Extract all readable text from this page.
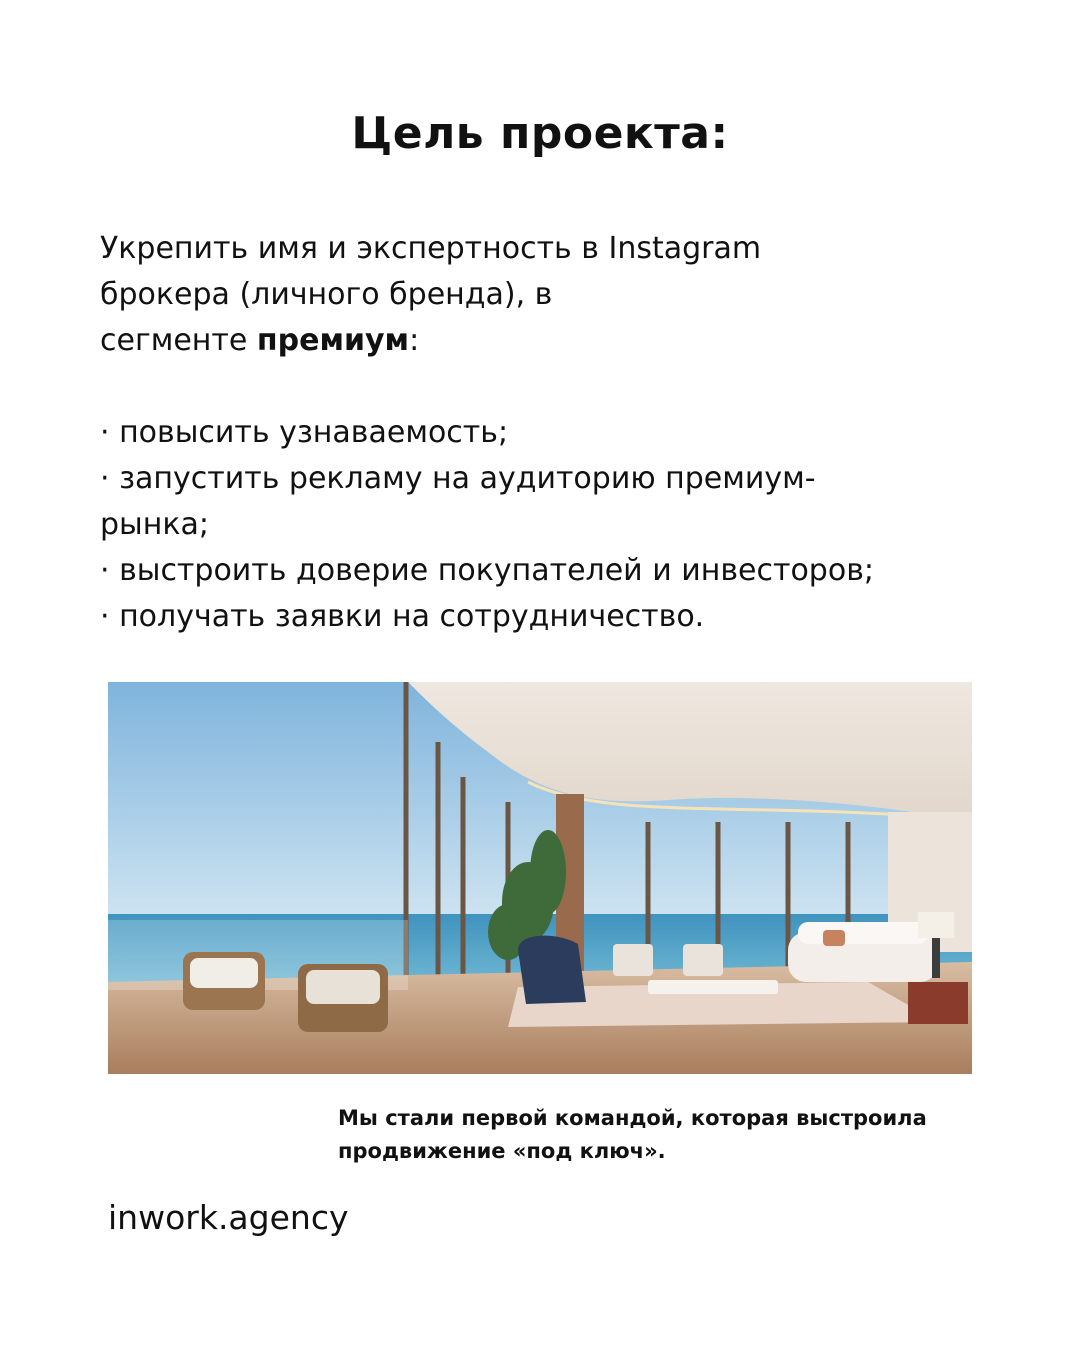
Цель проекта:

Укрепить имя и экспертность в Instagram
брокера (личного бренда), в
сегменте премиум:

· повысить узнаваемость;
· запустить рекламу на аудиторию премиум-
рынка;
· выстроить доверие покупателей и инвесторов;
· получать заявки на сотрудничество.

Мы стали первой командой, которая выстроила
продвижение «под ключ».

inwork.agency
